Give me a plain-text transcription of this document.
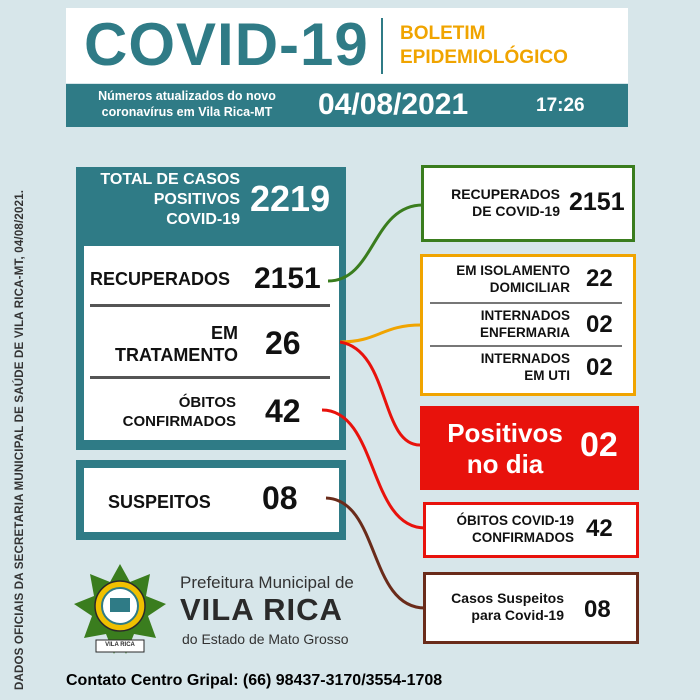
COVID-19 BOLETIM
EPIDEMIOLÓGICO
Números atualizados do novo
coronavírus em Vila Rica-MT	04/08/2021	17:26
TOTAL DE CASOS
POSITIVOS
COVID-19
2219
RECUPERADOS 2151
EM
TRATAMENTO 26
ÓBITOS
CONFIRMADOS 42
SUSPEITOS 08
RECUPERADOS
DE COVID-19 2151
EM ISOLAMENTO
DOMICILIAR 22
INTERNADOS
ENFERMARIA 02
INTERNADOS
EM UTI 02
Positivos
no dia	02
ÓBITOS COVID-19
CONFIRMADOS 42
Casos Suspeitos
para Covid-19 08
VILA RICA
Prefeitura Municipal de
VILA RICA
do Estado de Mato Grosso
Contato Centro Gripal: (66) 98437-3170/3554-1708
DADOS OFICIAIS DA SECRETARIA MUNICIPAL DE SAÚDE DE VILA RICA-MT, 04/08/2021.
